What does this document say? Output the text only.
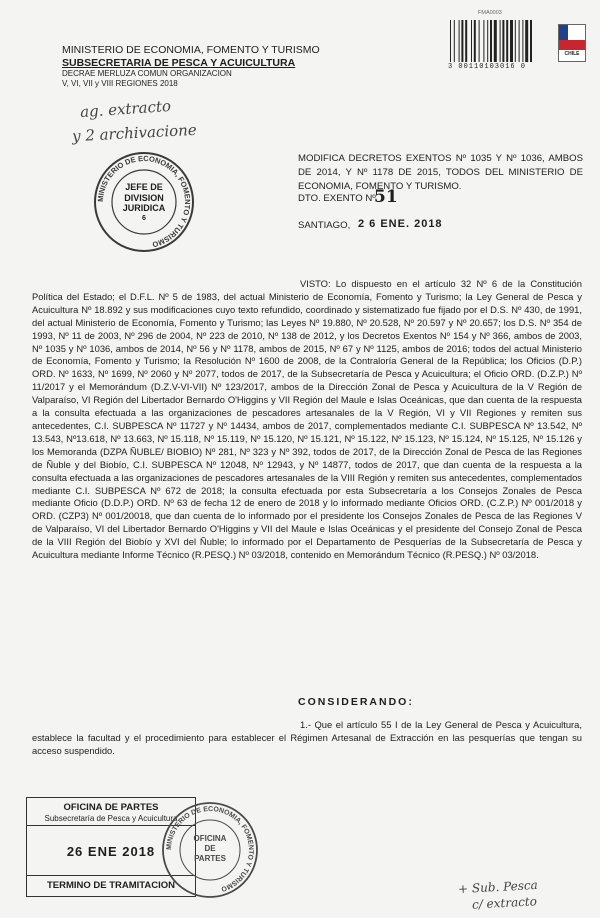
MINISTERIO DE ECONOMIA, FOMENTO Y TURISMO
SUBSECRETARIA DE PESCA Y ACUICULTURA
DECRAE MERLUZA COMUN ORGANIZACION
V, VI, VII y VIII REGIONES 2018
ag. extracto
y 2 archivacione
MINISTERIO DE ECONOMIA, FOMENTO Y TURISMO
JEFE DE
DIVISION
JURIDICA
6
FMA0003
3 00110103016 0
CHILE
MODIFICA DECRETOS EXENTOS Nº 1035 Y Nº 1036, AMBOS DE 2014, Y Nº 1178 DE 2015, TODOS DEL MINISTERIO DE ECONOMIA, FOMENTO Y TURISMO.
DTO. EXENTO Nº
51
SANTIAGO, 2 6 ENE. 2018

VISTO: Lo dispuesto en el artículo 32 Nº 6 de la Constitución Política del Estado; el D.F.L. Nº 5 de 1983, del actual Ministerio de Economía, Fomento y Turismo; la Ley General de Pesca y Acuicultura Nº 18.892 y sus modificaciones cuyo texto refundido, coordinado y sistematizado fue fijado por el D.S. Nº 430, de 1991, del actual Ministerio de Economía, Fomento y Turismo; las Leyes Nº 19.880, Nº 20.528, Nº 20.597 y Nº 20.657; los D.S. Nº 354 de 1993, Nº 11 de 2003, Nº 296 de 2004, Nº 223 de 2010, Nº 138 de 2012, y los Decretos Exentos Nº 154 y Nº 366, ambos de 2003, Nº 1035 y Nº 1036, ambos de 2014, Nº 56 y Nº 1178, ambos de 2015, Nº 67 y Nº 1125, ambos de 2016; todos del actual Ministerio de Economía, Fomento y Turismo; la Resolución Nº 1600 de 2008, de la Contraloría General de la República; los Oficios (D.P.) ORD. Nº 1633, Nº 1699, Nº 2060 y Nº 2077, todos de 2017, de la Subsecretaría de Pesca y Acuicultura; el Oficio ORD. (D.Z.P.) Nº 11/2017 y el Memorándum (D.Z.V-VI-VII) Nº 123/2017, ambos de la Dirección Zonal de Pesca y Acuicultura de la V Región de Valparaíso, VI Región del Libertador Bernardo O'Higgins y VII Región del Maule e Islas Oceánicas, que dan cuenta de la respuesta a la consulta efectuada a las organizaciones de pescadores artesanales de la V Región, VI y VII Regiones y remiten sus antecedentes, C.I. SUBPESCA Nº 11727 y Nº 14434, ambos de 2017, complementados mediante C.I. SUBPESCA Nº 13.542, Nº 13.543, Nº13.618, Nº 13.663, Nº 15.118, Nº 15.119, Nº 15.120, Nº 15.121, Nº 15.122, Nº 15.123, Nº 15.124, Nº 15.125, Nº 15.126 y los Memoranda (DZPA ÑUBLE/ BIOBIO) Nº 281, Nº 323 y Nº 392, todos de 2017, de la Dirección Zonal de Pesca de las Regiones de Ñuble y del Biobío, C.I. SUBPESCA Nº 12048, Nº 12943, y Nº 14877, todos de 2017, que dan cuenta de la respuesta a la consulta efectuada a las organizaciones de pescadores artesanales de la VIII Región y remiten sus antecedentes, complementados mediante C.I. SUBPESCA Nº 672 de 2018; la consulta efectuada por esta Subsecretaría a los Consejos Zonales de Pesca mediante Oficio (D.D.P.) ORD. Nº 63 de fecha 12 de enero de 2018 y lo informado mediante Oficios ORD. (C.Z.P.) Nº 001/2018 y ORD. (CZP3) Nº 001/20018, que dan cuenta de lo informado por el presidente los Consejos Zonales de Pesca de las Regiones V de Valparaíso, VI del Libertador Bernardo O'Higgins y VII del Maule e Islas Oceánicas y el presidente del Consejo Zonal de Pesca de la VIII Región del Biobío y XVI del Ñuble; lo informado por el Departamento de Pesquerías de la Subsecretaría de Pesca y Acuicultura mediante Informe Técnico (R.PESQ.) Nº 03/2018, contenido en Memorándum Técnico (R.PESQ.) Nº 03/2018.

CONSIDERANDO:

1.- Que el artículo 55 I de la Ley General de Pesca y Acuicultura, establece la facultad y el procedimiento para establecer el Régimen Artesanal de Extracción en las pesquerías que tengan su acceso suspendido.

OFICINA DE PARTES
Subsecretaría de Pesca y Acuicultura
26 ENE 2018
TERMINO DE TRAMITACION
MINISTERIO DE ECONOMIA, FOMENTO Y TURISMO
OFICINA
DE
PARTES
+ Sub. Pesca
c/ extracto
